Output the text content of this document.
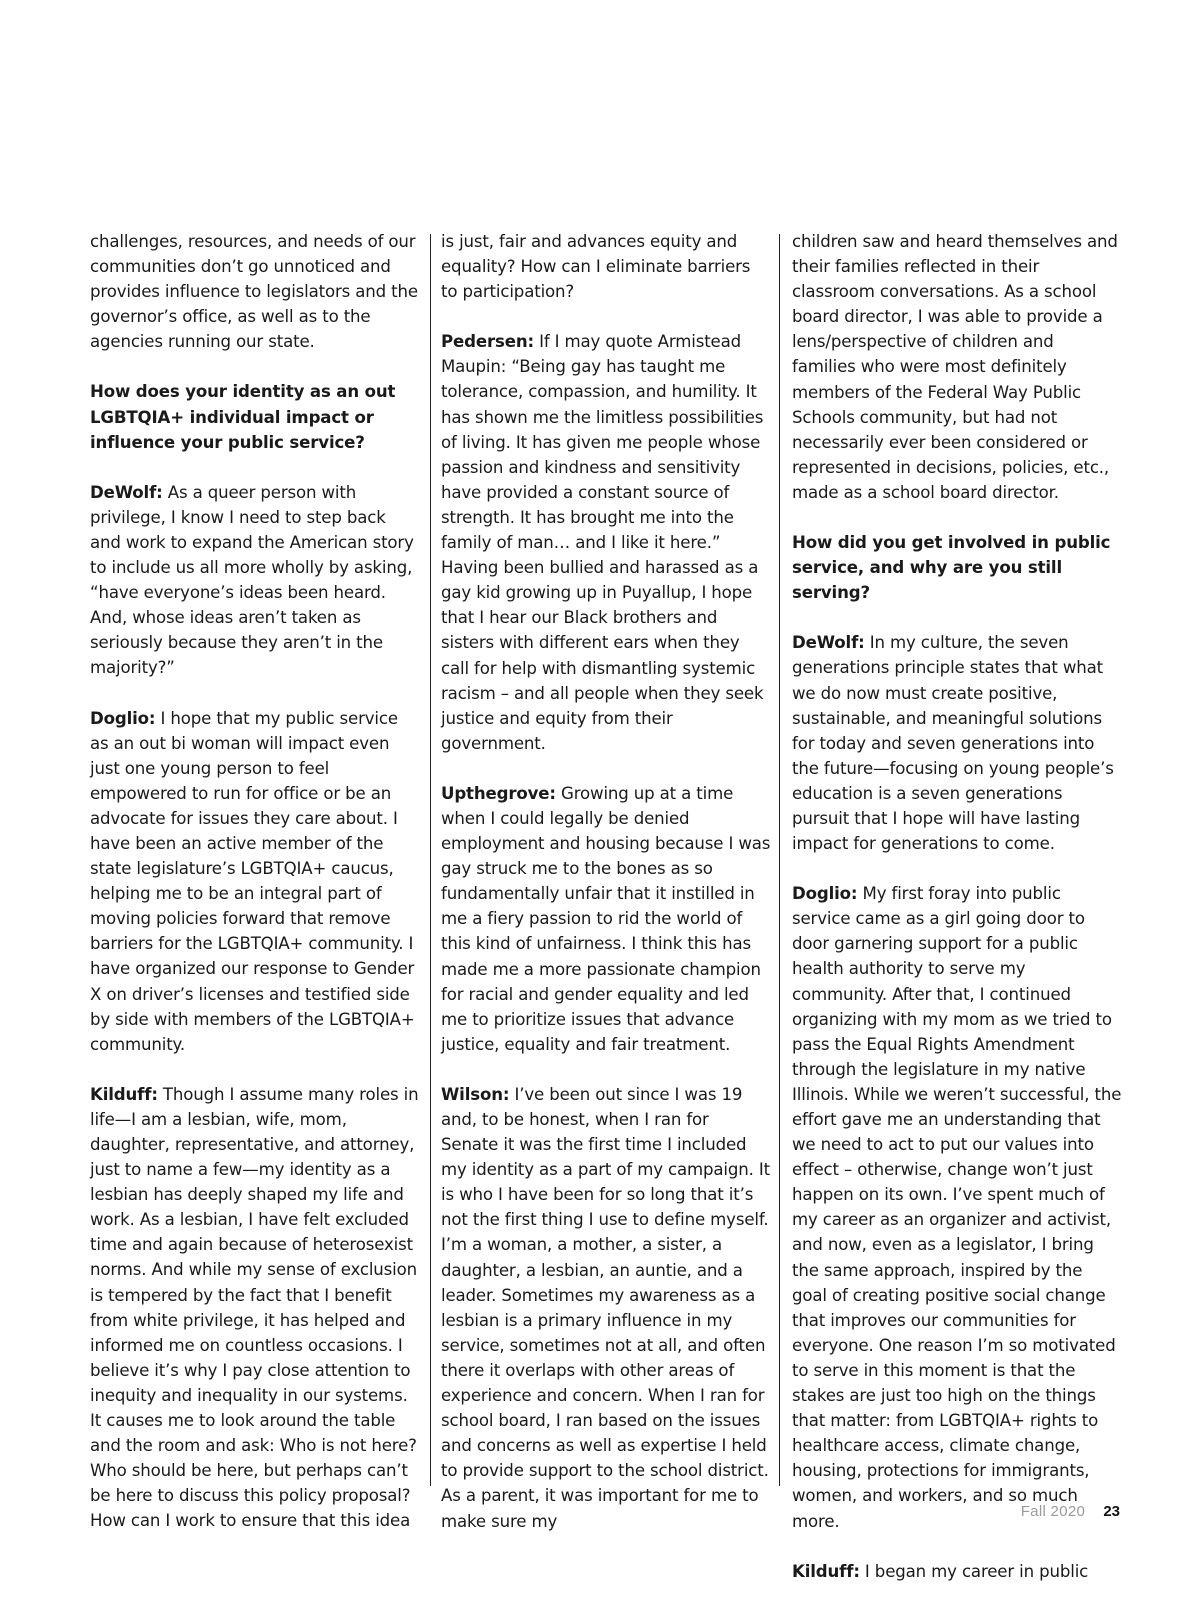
challenges, resources, and needs of our communities don’t go unnoticed and provides influence to legislators and the governor’s office, as well as to the agencies running our state.

How does your identity as an out LGBTQIA+ individual impact or influence your public service?

DeWolf: As a queer person with privilege, I know I need to step back and work to expand the American story to include us all more wholly by asking, “have everyone’s ideas been heard. And, whose ideas aren’t taken as seriously because they aren’t in the majority?”

Doglio: I hope that my public service as an out bi woman will impact even just one young person to feel empowered to run for office or be an advocate for issues they care about. I have been an active member of the state legislature’s LGBTQIA+ caucus, helping me to be an integral part of moving policies forward that remove barriers for the LGBTQIA+ community. I have organized our response to Gender X on driver’s licenses and testified side by side with members of the LGBTQIA+ community.

Kilduff: Though I assume many roles in life—I am a lesbian, wife, mom, daughter, representative, and attorney, just to name a few—my identity as a lesbian has deeply shaped my life and work. As a lesbian, I have felt excluded time and again because of heterosexist norms. And while my sense of exclusion is tempered by the fact that I benefit from white privilege, it has helped and informed me on countless occasions. I believe it’s why I pay close attention to inequity and inequality in our systems. It causes me to look around the table and the room and ask: Who is not here? Who should be here, but perhaps can’t be here to discuss this policy proposal? How can I work to ensure that this idea

is just, fair and advances equity and equality? How can I eliminate barriers to participation?

Pedersen: If I may quote Armistead Maupin: “Being gay has taught me tolerance, compassion, and humility. It has shown me the limitless possibilities of living. It has given me people whose passion and kindness and sensitivity have provided a constant source of strength. It has brought me into the family of man… and I like it here.” Having been bullied and harassed as a gay kid growing up in Puyallup, I hope that I hear our Black brothers and sisters with different ears when they call for help with dismantling systemic racism – and all people when they seek justice and equity from their government.

Upthegrove: Growing up at a time when I could legally be denied employment and housing because I was gay struck me to the bones as so fundamentally unfair that it instilled in me a fiery passion to rid the world of this kind of unfairness. I think this has made me a more passionate champion for racial and gender equality and led me to prioritize issues that advance justice, equality and fair treatment.

Wilson: I’ve been out since I was 19 and, to be honest, when I ran for Senate it was the first time I included my identity as a part of my campaign. It is who I have been for so long that it’s not the first thing I use to define myself. I’m a woman, a mother, a sister, a daughter, a lesbian, an auntie, and a leader. Sometimes my awareness as a lesbian is a primary influence in my service, sometimes not at all, and often there it overlaps with other areas of experience and concern. When I ran for school board, I ran based on the issues and concerns as well as expertise I held to provide support to the school district. As a parent, it was important for me to make sure my

children saw and heard themselves and their families reflected in their classroom conversations. As a school board director, I was able to provide a lens/perspective of children and families who were most definitely members of the Federal Way Public Schools community, but had not necessarily ever been considered or represented in decisions, policies, etc., made as a school board director.

How did you get involved in public service, and why are you still serving?

DeWolf: In my culture, the seven generations principle states that what we do now must create positive, sustainable, and meaningful solutions for today and seven generations into the future—focusing on young people’s education is a seven generations pursuit that I hope will have lasting impact for generations to come.

Doglio: My first foray into public service came as a girl going door to door garnering support for a public health authority to serve my community. After that, I continued organizing with my mom as we tried to pass the Equal Rights Amendment through the legislature in my native Illinois. While we weren’t successful, the effort gave me an understanding that we need to act to put our values into effect – otherwise, change won’t just happen on its own. I’ve spent much of my career as an organizer and activist, and now, even as a legislator, I bring the same approach, inspired by the goal of creating positive social change that improves our communities for everyone. One reason I’m so motivated to serve in this moment is that the stakes are just too high on the things that matter: from LGBTQIA+ rights to healthcare access, climate change, housing, protections for immigrants, women, and workers, and so much more.

Kilduff: I began my career in public

Fall 2020 23
